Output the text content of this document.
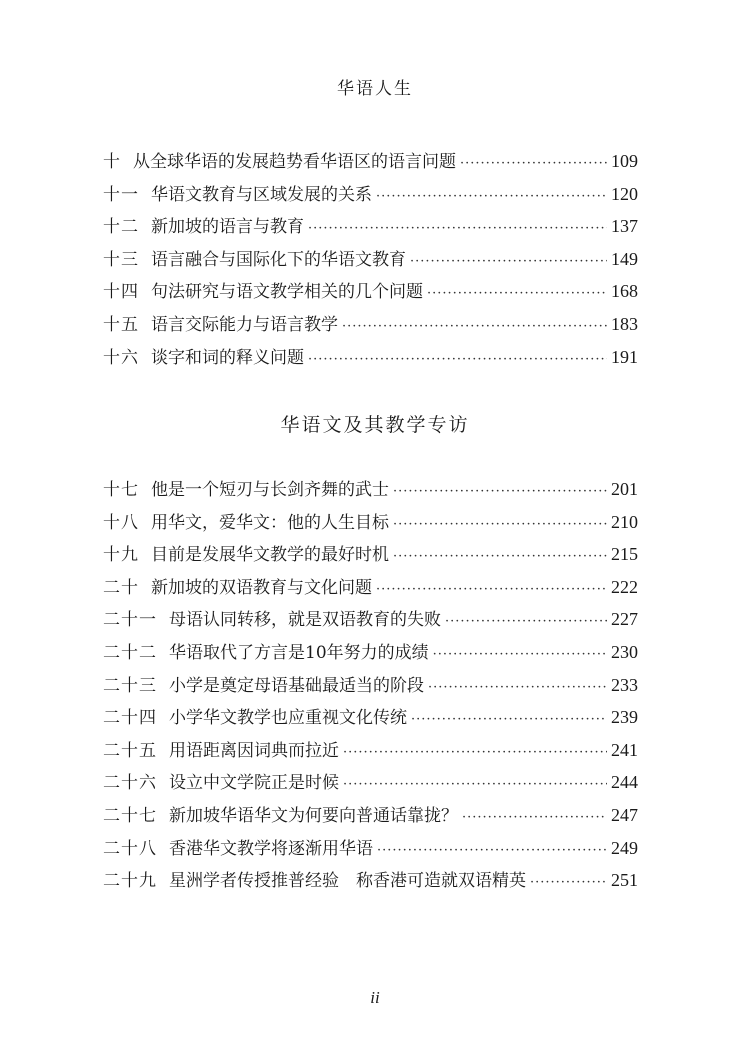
华语人生
十 从全球华语的发展趋势看华语区的语言问题 ·····	109
十一 华语文教育与区域发展的关系 ·····	120
十二 新加坡的语言与教育 ·····	137
十三 语言融合与国际化下的华语文教育 ·····	149
十四 句法研究与语文教学相关的几个问题 ·····	168
十五 语言交际能力与语言教学 ·····	183
十六 谈字和词的释义问题 ·····	191
华语文及其教学专访
十七 他是一个短刃与长剑齐舞的武士 ·····	201
十八 用华文，爱华文：他的人生目标 ·····	210
十九 目前是发展华文教学的最好时机 ·····	215
二十 新加坡的双语教育与文化问题 ·····	222
二十一 母语认同转移，就是双语教育的失败 ·····	227
二十二 华语取代了方言是10年努力的成绩 ·····	230
二十三 小学是奠定母语基础最适当的阶段 ·····	233
二十四 小学华文教学也应重视文化传统 ·····	239
二十五 用语距离因词典而拉近 ·····	241
二十六 设立中文学院正是时候 ·····	244
二十七 新加坡华语华文为何要向普通话靠拢？ ·····	247
二十八 香港华文教学将逐渐用华语 ·····	249
二十九 星洲学者传授推普经验　称香港可造就双语精英 ·····	251
ii
